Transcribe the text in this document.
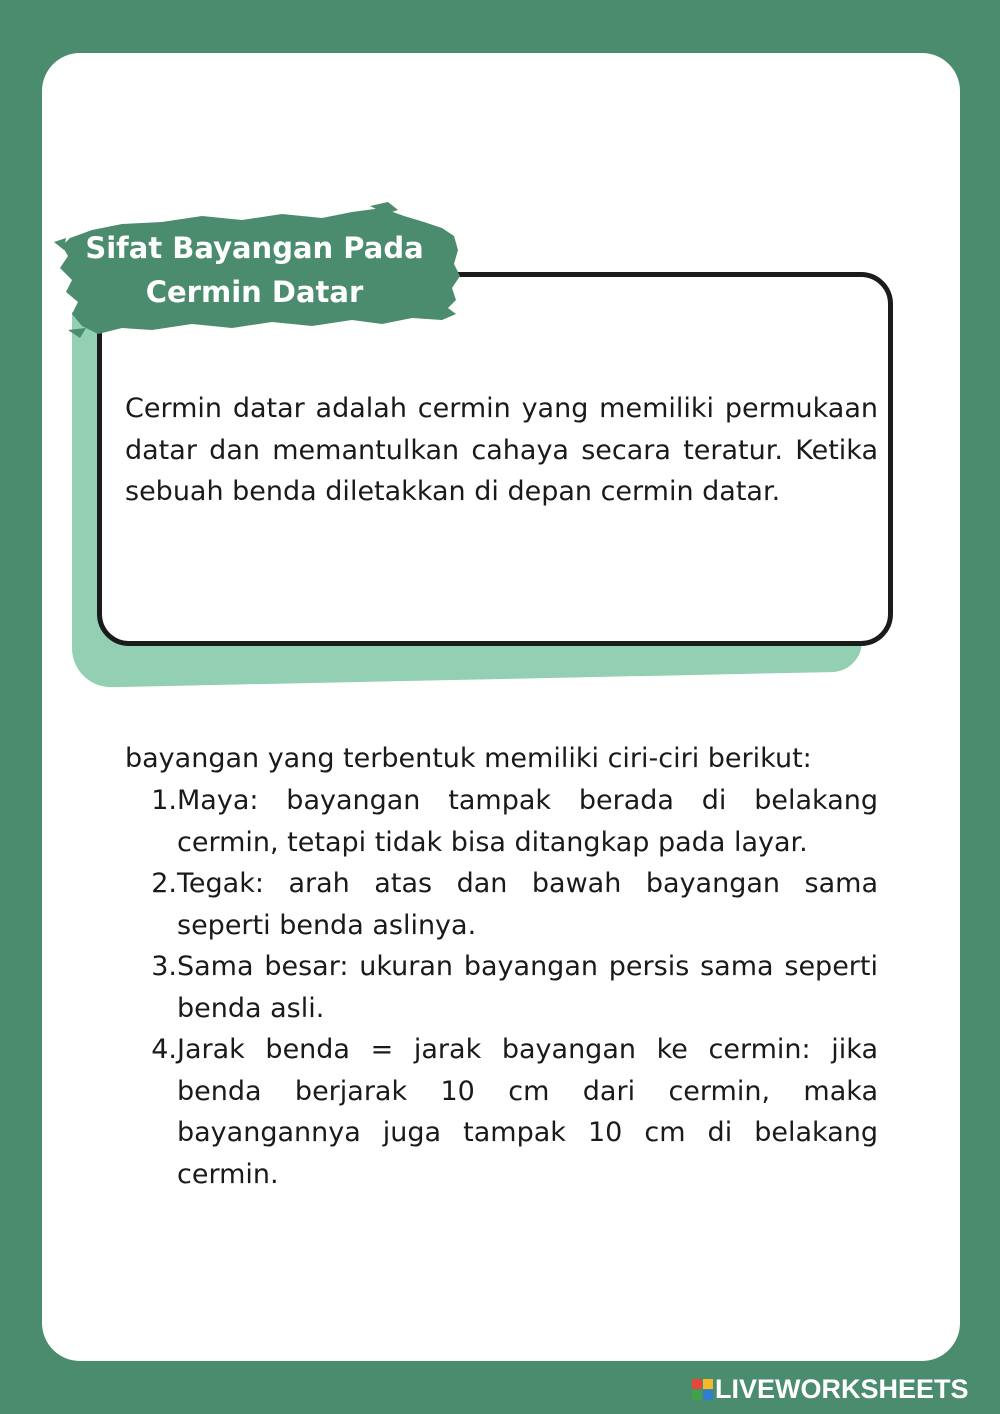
Cermin datar adalah cermin yang memiliki permukaan datar dan memantulkan cahaya secara teratur. Ketika sebuah benda diletakkan di depan cermin datar.

Sifat Bayangan Pada
Cermin Datar

bayangan yang terbentuk memiliki ciri-ciri berikut:

1. Maya: bayangan tampak berada di belakang cermin, tetapi tidak bisa ditangkap pada layar.
2. Tegak: arah atas dan bawah bayangan sama seperti benda aslinya.
3. Sama besar: ukuran bayangan persis sama seperti benda asli.
4. Jarak benda = jarak bayangan ke cermin: jika benda berjarak 10 cm dari cermin, maka bayangannya juga tampak 10 cm di belakang cermin.
LIVEWORKSHEETS
